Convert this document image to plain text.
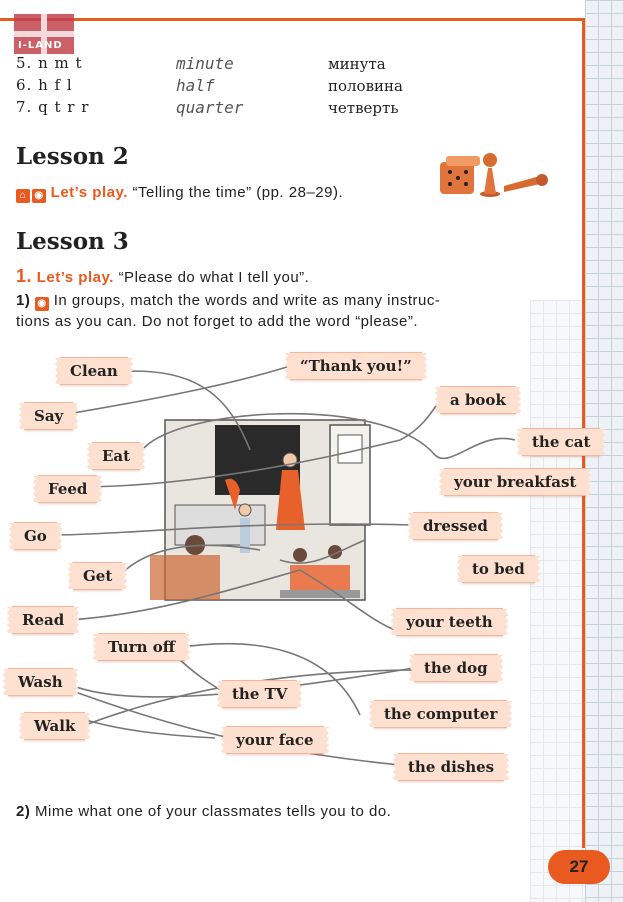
I-LAND
5. n m t	minute	минута
6. h f l	half	половина
7. q t r r	quarter	четверть
Lesson 2
⌂ ◉ Let’s play. “Telling the time” (pp. 28–29).
Lesson 3
1. Let’s play. “Please do what I tell you”.
1) ◉ In groups, match the words and write as many instruc-
tions as you can. Do not forget to add the word “please”.
Clean
Say
Eat
Feed
Go
Get
Read
Turn off
Wash
Walk
“Thank you!”
a book
the cat
your breakfast
dressed
to bed
your teeth
the dog
the TV
the computer
your face
the dishes
2) Mime what one of your classmates tells you to do.
27
